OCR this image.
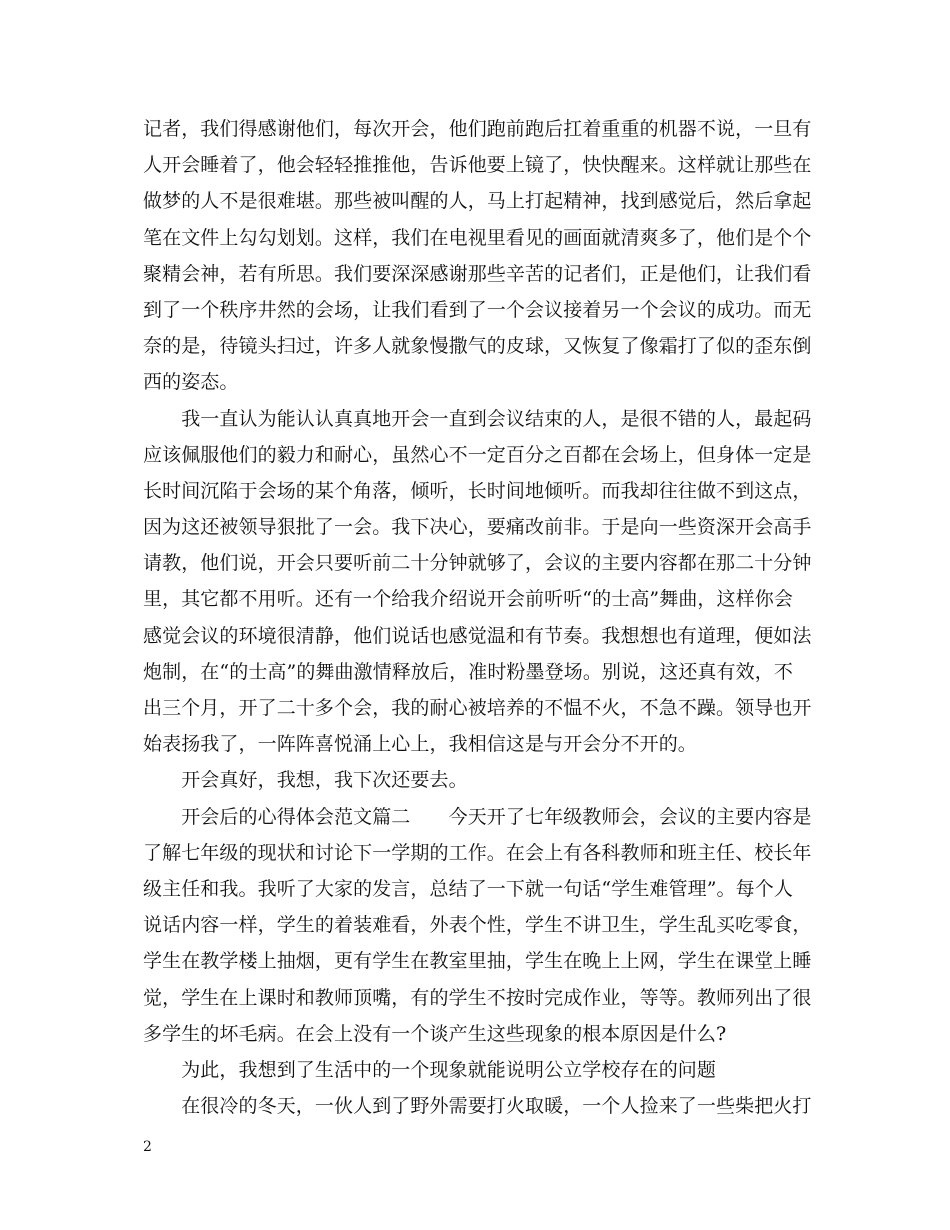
记者，我们得感谢他们，每次开会，他们跑前跑后扛着重重的机器不说，一旦有
人开会睡着了，他会轻轻推推他，告诉他要上镜了，快快醒来。这样就让那些在
做梦的人不是很难堪。那些被叫醒的人，马上打起精神，找到感觉后，然后拿起
笔在文件上勾勾划划。这样，我们在电视里看见的画面就清爽多了，他们是个个
聚精会神，若有所思。我们要深深感谢那些辛苦的记者们，正是他们，让我们看
到了一个秩序井然的会场，让我们看到了一个会议接着另一个会议的成功。而无
奈的是，待镜头扫过，许多人就象慢撒气的皮球，又恢复了像霜打了似的歪东倒
西的姿态。
　　我一直认为能认认真真地开会一直到会议结束的人，是很不错的人，最起码
应该佩服他们的毅力和耐心，虽然心不一定百分之百都在会场上，但身体一定是
长时间沉陷于会场的某个角落，倾听，长时间地倾听。而我却往往做不到这点，
因为这还被领导狠批了一会。我下决心，要痛改前非。于是向一些资深开会高手
请教，他们说，开会只要听前二十分钟就够了，会议的主要内容都在那二十分钟
里，其它都不用听。还有一个给我介绍说开会前听听“的士高”舞曲，这样你会
感觉会议的环境很清静，他们说话也感觉温和有节奏。我想想也有道理，便如法
炮制，在“的士高”的舞曲激情释放后，准时粉墨登场。别说，这还真有效，不
出三个月，开了二十多个会，我的耐心被培养的不愠不火，不急不躁。领导也开
始表扬我了，一阵阵喜悦涌上心上，我相信这是与开会分不开的。
　　开会真好，我想，我下次还要去。
　　开会后的心得体会范文篇二　　今天开了七年级教师会，会议的主要内容是
了解七年级的现状和讨论下一学期的工作。在会上有各科教师和班主任、校长年
级主任和我。我听了大家的发言，总结了一下就一句话“学生难管理”。每个人
说话内容一样，学生的着装难看，外表个性，学生不讲卫生，学生乱买吃零食，
学生在教学楼上抽烟，更有学生在教室里抽，学生在晚上上网，学生在课堂上睡
觉，学生在上课时和教师顶嘴，有的学生不按时完成作业，等等。教师列出了很
多学生的坏毛病。在会上没有一个谈产生这些现象的根本原因是什么?
　　为此，我想到了生活中的一个现象就能说明公立学校存在的问题
　　在很冷的冬天，一伙人到了野外需要打火取暖，一个人捡来了一些柴把火打
2
